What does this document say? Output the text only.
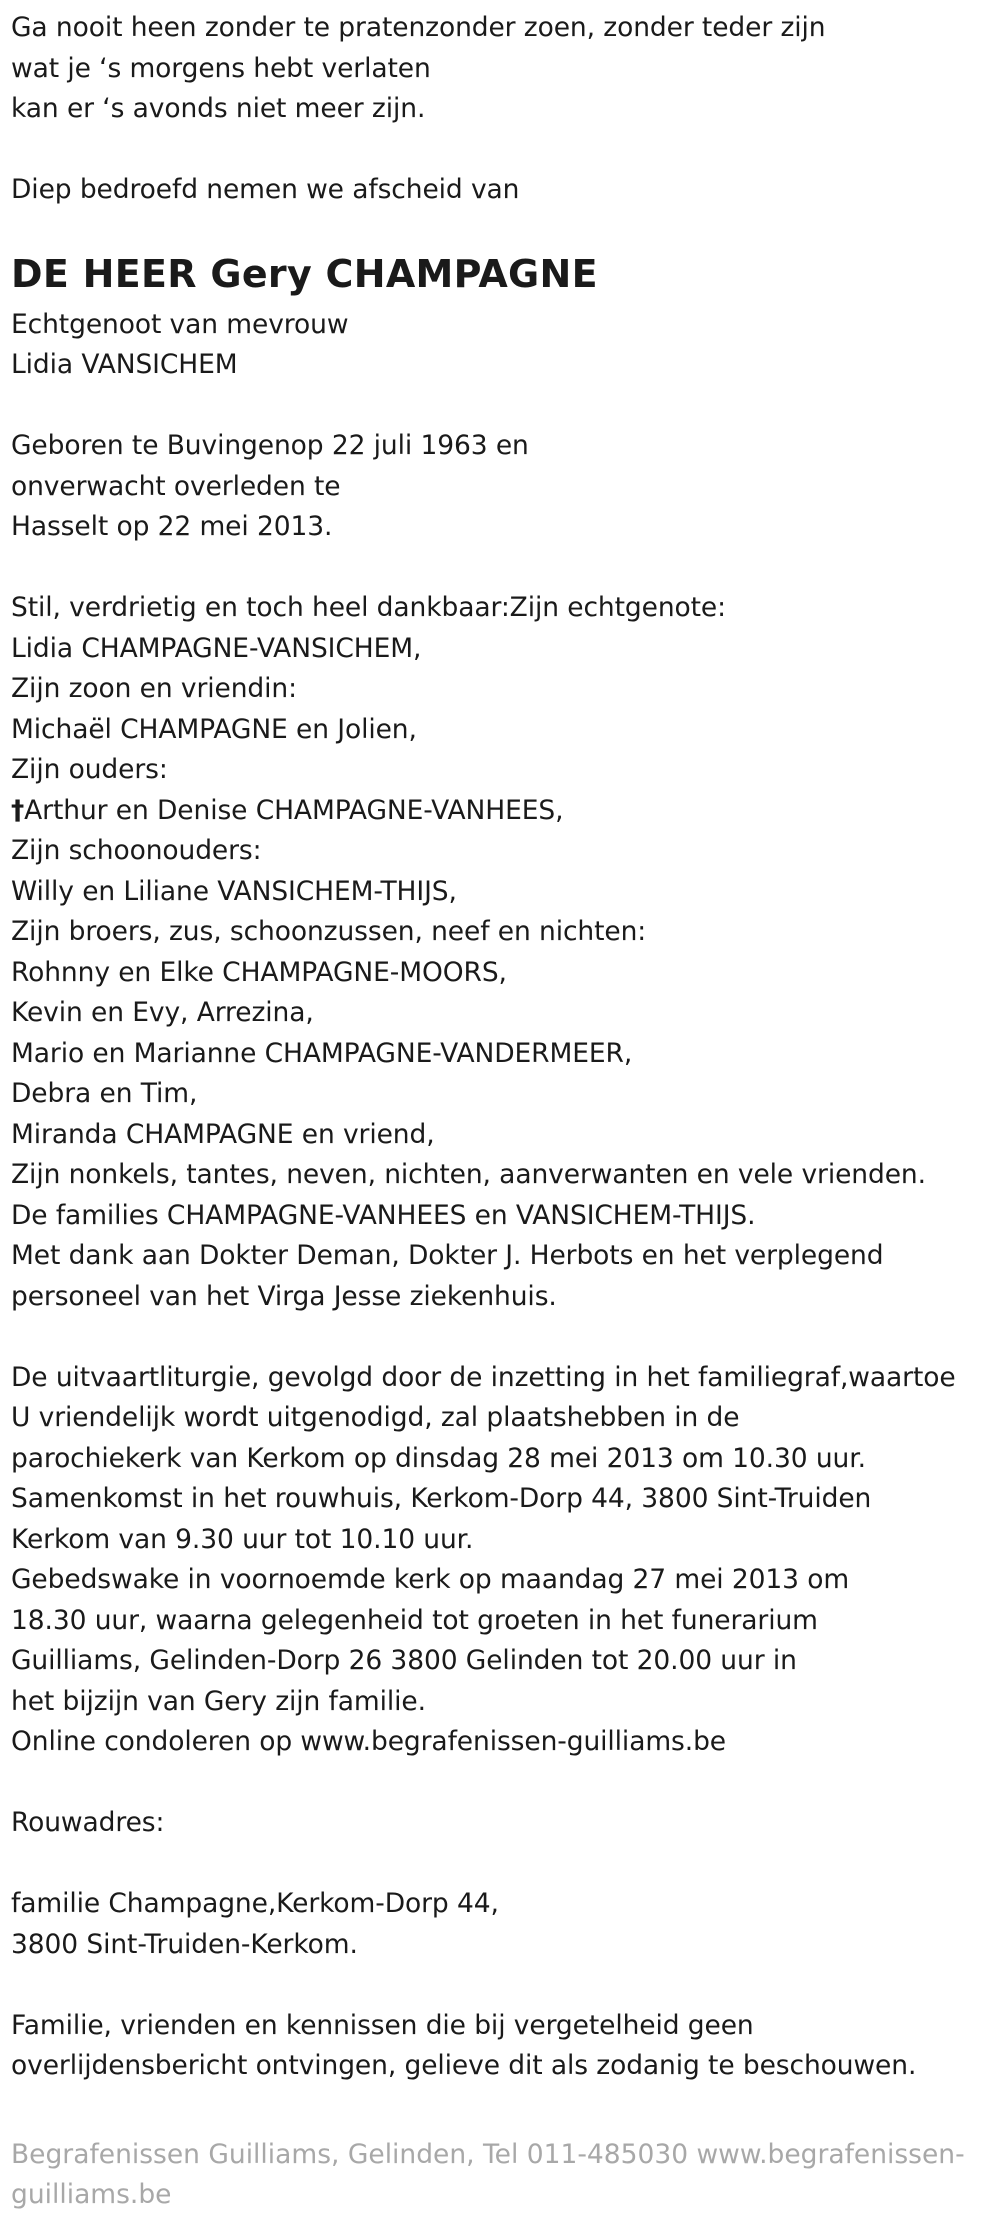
Ga nooit heen zonder te pratenzonder zoen, zonder teder zijn
wat je ‘s morgens hebt verlaten
kan er ‘s avonds niet meer zijn.
Diep bedroefd nemen we afscheid van
DE HEER Gery CHAMPAGNE
Echtgenoot van mevrouw
Lidia VANSICHEM
Geboren te Buvingenop 22 juli 1963 en
onverwacht overleden te
Hasselt op 22 mei 2013.
Stil, verdrietig en toch heel dankbaar:Zijn echtgenote:
Lidia CHAMPAGNE-VANSICHEM,
Zijn zoon en vriendin:
Michaël CHAMPAGNE en Jolien,
Zijn ouders:
†Arthur en Denise CHAMPAGNE-VANHEES,
Zijn schoonouders:
Willy en Liliane VANSICHEM-THIJS,
Zijn broers, zus, schoonzussen, neef en nichten:
Rohnny en Elke CHAMPAGNE-MOORS,
Kevin en Evy, Arrezina,
Mario en Marianne CHAMPAGNE-VANDERMEER,
Debra en Tim,
Miranda CHAMPAGNE en vriend,
Zijn nonkels, tantes, neven, nichten, aanverwanten en vele vrienden.
De families CHAMPAGNE-VANHEES en VANSICHEM-THIJS.
Met dank aan Dokter Deman, Dokter J. Herbots en het verplegend
personeel van het Virga Jesse ziekenhuis.
De uitvaartliturgie, gevolgd door de inzetting in het familiegraf,waartoe
U vriendelijk wordt uitgenodigd, zal plaatshebben in de
parochiekerk van Kerkom op dinsdag 28 mei 2013 om 10.30 uur.
Samenkomst in het rouwhuis, Kerkom-Dorp 44, 3800 Sint-Truiden
Kerkom van 9.30 uur tot 10.10 uur.
Gebedswake in voornoemde kerk op maandag 27 mei 2013 om
18.30 uur, waarna gelegenheid tot groeten in het funerarium
Guilliams, Gelinden-Dorp 26 3800 Gelinden tot 20.00 uur in
het bijzijn van Gery zijn familie.
Online condoleren op www.begrafenissen-guilliams.be
Rouwadres:
familie Champagne,Kerkom-Dorp 44,
3800 Sint-Truiden-Kerkom.
Familie, vrienden en kennissen die bij vergetelheid geen
overlijdensbericht ontvingen, gelieve dit als zodanig te beschouwen.
Begrafenissen Guilliams, Gelinden, Tel 011-485030 www.begrafenissen-
guilliams.be
